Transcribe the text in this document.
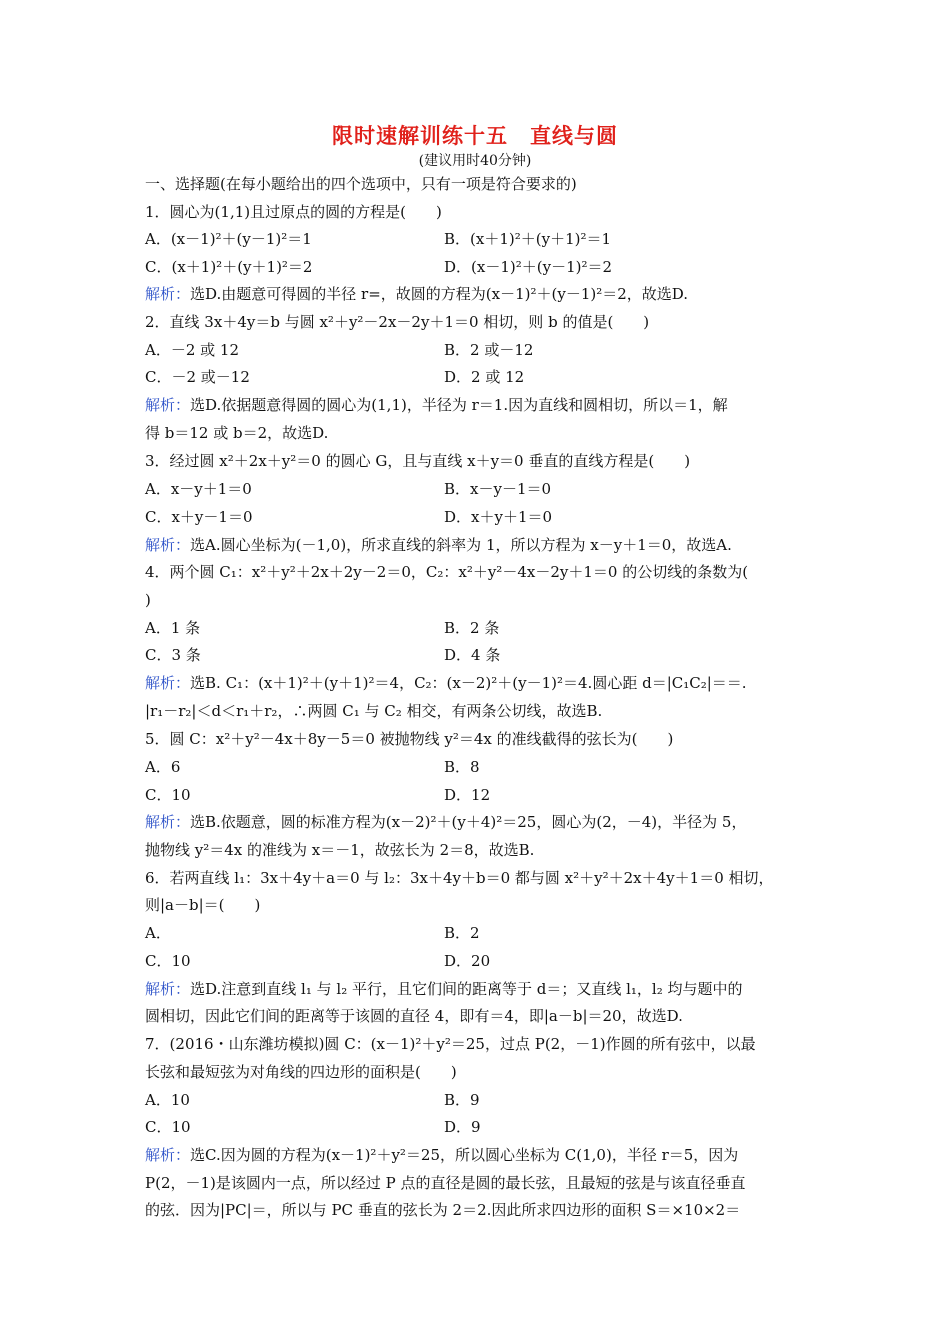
限时速解训练十五　直线与圆
(建议用时40分钟)
一、选择题(在每小题给出的四个选项中，只有一项是符合要求的)
1．圆心为(1,1)且过原点的圆的方程是(　　)
A．(x－1)²＋(y－1)²＝1	B．(x＋1)²＋(y＋1)²＝1
C．(x＋1)²＋(y＋1)²＝2	D．(x－1)²＋(y－1)²＝2
解析：选D.由题意可得圆的半径 r=，故圆的方程为(x－1)²＋(y－1)²＝2，故选D.
2．直线 3x＋4y＝b 与圆 x²＋y²－2x－2y＋1＝0 相切，则 b 的值是(　　)
A．－2 或 12	B．2 或－12
C．－2 或－12	D．2 或 12
解析：选D.依据题意得圆的圆心为(1,1)，半径为 r＝1.因为直线和圆相切，所以＝1，解
得 b＝12 或 b＝2，故选D.
3．经过圆 x²＋2x＋y²＝0 的圆心 G，且与直线 x＋y＝0 垂直的直线方程是(　　)
A．x－y＋1＝0	B．x－y－1＝0
C．x＋y－1＝0	D．x＋y＋1＝0
解析：选A.圆心坐标为(－1,0)，所求直线的斜率为 1，所以方程为 x－y＋1＝0，故选A.
4．两个圆 C₁：x²＋y²＋2x＋2y－2＝0，C₂：x²＋y²－4x－2y＋1＝0 的公切线的条数为(
)
A．1 条	B．2 条
C．3 条	D．4 条
解析：选B. C₁：(x＋1)²＋(y＋1)²＝4，C₂：(x－2)²＋(y－1)²＝4.圆心距 d＝|C₁C₂|＝＝.
|r₁－r₂|＜d＜r₁＋r₂，∴两圆 C₁ 与 C₂ 相交，有两条公切线，故选B.
5．圆 C：x²＋y²－4x＋8y－5＝0 被抛物线 y²＝4x 的准线截得的弦长为(　　)
A．6	B．8
C．10	D．12
解析：选B.依题意，圆的标准方程为(x－2)²＋(y＋4)²＝25，圆心为(2，－4)，半径为 5，
抛物线 y²＝4x 的准线为 x＝－1，故弦长为 2＝8，故选B.
6．若两直线 l₁：3x＋4y＋a＝0 与 l₂：3x＋4y＋b＝0 都与圆 x²＋y²＋2x＋4y＋1＝0 相切，
则|a－b|＝(　　)
A．	B．2
C．10	D．20
解析：选D.注意到直线 l₁ 与 l₂ 平行，且它们间的距离等于 d＝；又直线 l₁，l₂ 均与题中的
圆相切，因此它们间的距离等于该圆的直径 4，即有＝4，即|a－b|＝20，故选D.
7．(2016・山东潍坊模拟)圆 C：(x－1)²＋y²＝25，过点 P(2，－1)作圆的所有弦中，以最
长弦和最短弦为对角线的四边形的面积是(　　)
A．10	B．9
C．10	D．9
解析：选C.因为圆的方程为(x－1)²＋y²＝25，所以圆心坐标为 C(1,0)，半径 r＝5，因为
P(2，－1)是该圆内一点，所以经过 P 点的直径是圆的最长弦，且最短的弦是与该直径垂直
的弦．因为|PC|＝，所以与 PC 垂直的弦长为 2＝2.因此所求四边形的面积 S＝×10×2＝
